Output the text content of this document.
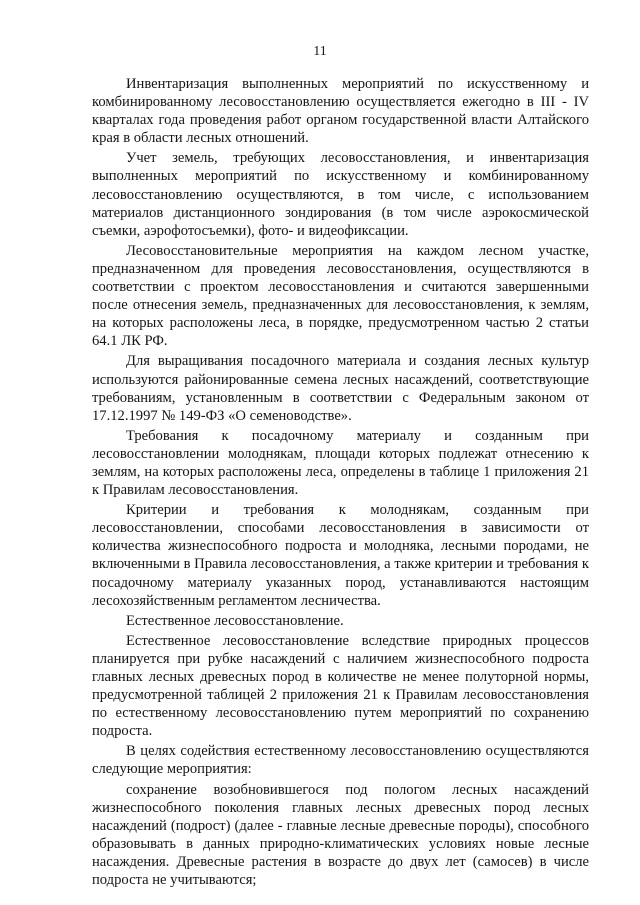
11

Инвентаризация выполненных мероприятий по искусственному и комбинированному лесовосстановлению осуществляется ежегодно в III - IV кварталах года проведения работ органом государственной власти Алтайского края в области лесных отношений.

Учет земель, требующих лесовосстановления, и инвентаризация выполненных мероприятий по искусственному и комбинированному лесовосстановлению осуществляются, в том числе, с использованием материалов дистанционного зондирования (в том числе аэрокосмической съемки, аэрофотосъемки), фото- и видеофиксации.

Лесовосстановительные мероприятия на каждом лесном участке, предназначенном для проведения лесовосстановления, осуществляются в соответствии с проектом лесовосстановления и считаются завершенными после отнесения земель, предназначенных для лесовосстановления, к землям, на которых расположены леса, в порядке, предусмотренном частью 2 статьи 64.1 ЛК РФ.

Для выращивания посадочного материала и создания лесных культур используются районированные семена лесных насаждений, соответствующие требованиям, установленным в соответствии с Федеральным законом от 17.12.1997 № 149-ФЗ «О семеноводстве».

Требования к посадочному материалу и созданным при лесовосстановлении молоднякам, площади которых подлежат отнесению к землям, на которых расположены леса, определены в таблице 1 приложения 21 к Правилам лесовосстановления.

Критерии и требования к молоднякам, созданным при лесовосстановлении, способами лесовосстановления в зависимости от количества жизнеспособного подроста и молодняка, лесными породами, не включенными в Правила лесовосстановления, а также критерии и требования к посадочному материалу указанных пород, устанавливаются настоящим лесохозяйственным регламентом лесничества.

Естественное лесовосстановление.

Естественное лесовосстановление вследствие природных процессов планируется при рубке насаждений с наличием жизнеспособного подроста главных лесных древесных пород в количестве не менее полуторной нормы, предусмотренной таблицей 2 приложения 21 к Правилам лесовосстановления по естественному лесовосстановлению путем мероприятий по сохранению подроста.

В целях содействия естественному лесовосстановлению осуществляются следующие мероприятия:

сохранение возобновившегося под пологом лесных насаждений жизнеспособного поколения главных лесных древесных пород лесных насаждений (подрост) (далее - главные лесные древесные породы), способного образовывать в данных природно-климатических условиях новые лесные насаждения. Древесные растения в возрасте до двух лет (самосев) в числе подроста не учитываются;
